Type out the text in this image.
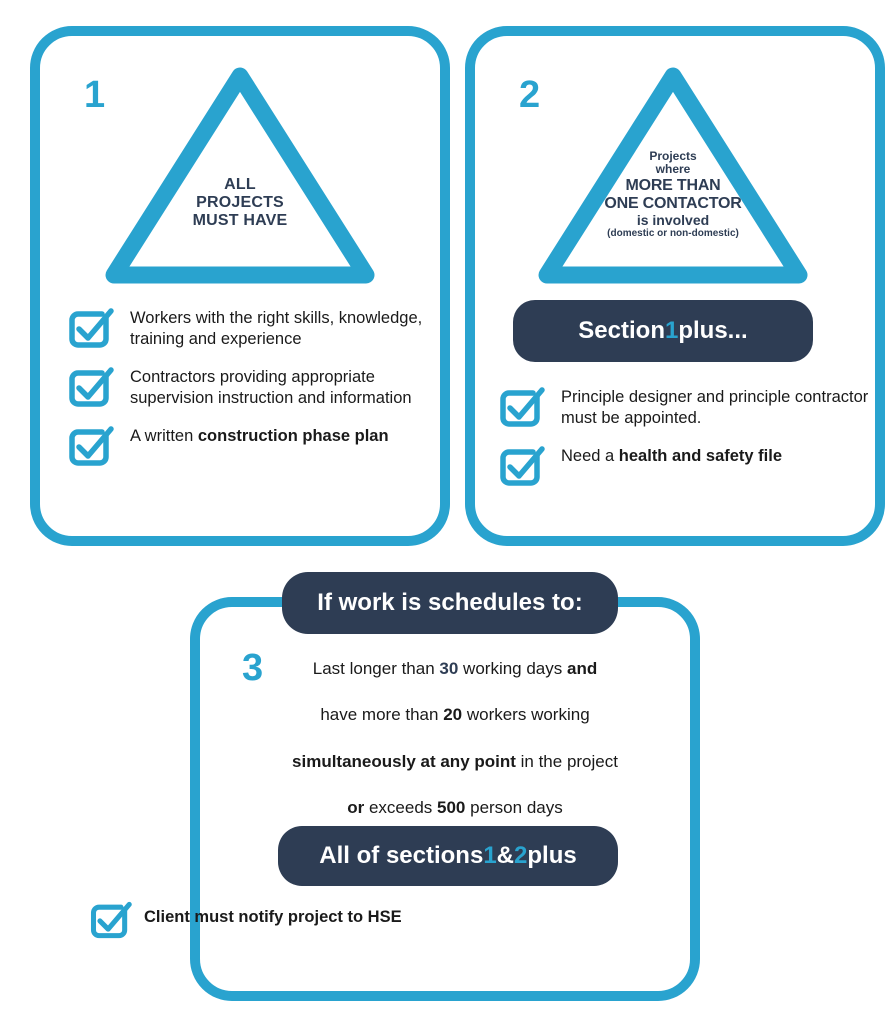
1
ALL
PROJECTS
MUST HAVE
Workers with the right skills, knowledge, training and experience
Contractors providing appropriate supervision instruction and information
A written construction phase plan
2
Projects
where
MORE THAN
ONE CONTACTOR
is involved
(domestic or non-domestic)
Principle designer and principle contractor must be appointed.
Need a health and safety file
Section 1 plus...
3	Last longer than 30 working days and
have more than 20 workers working
simultaneously at any point in the project
or exceeds 500 person days
If work is schedules to:
All of sections 1 & 2 plus
Client must notify project to HSE
